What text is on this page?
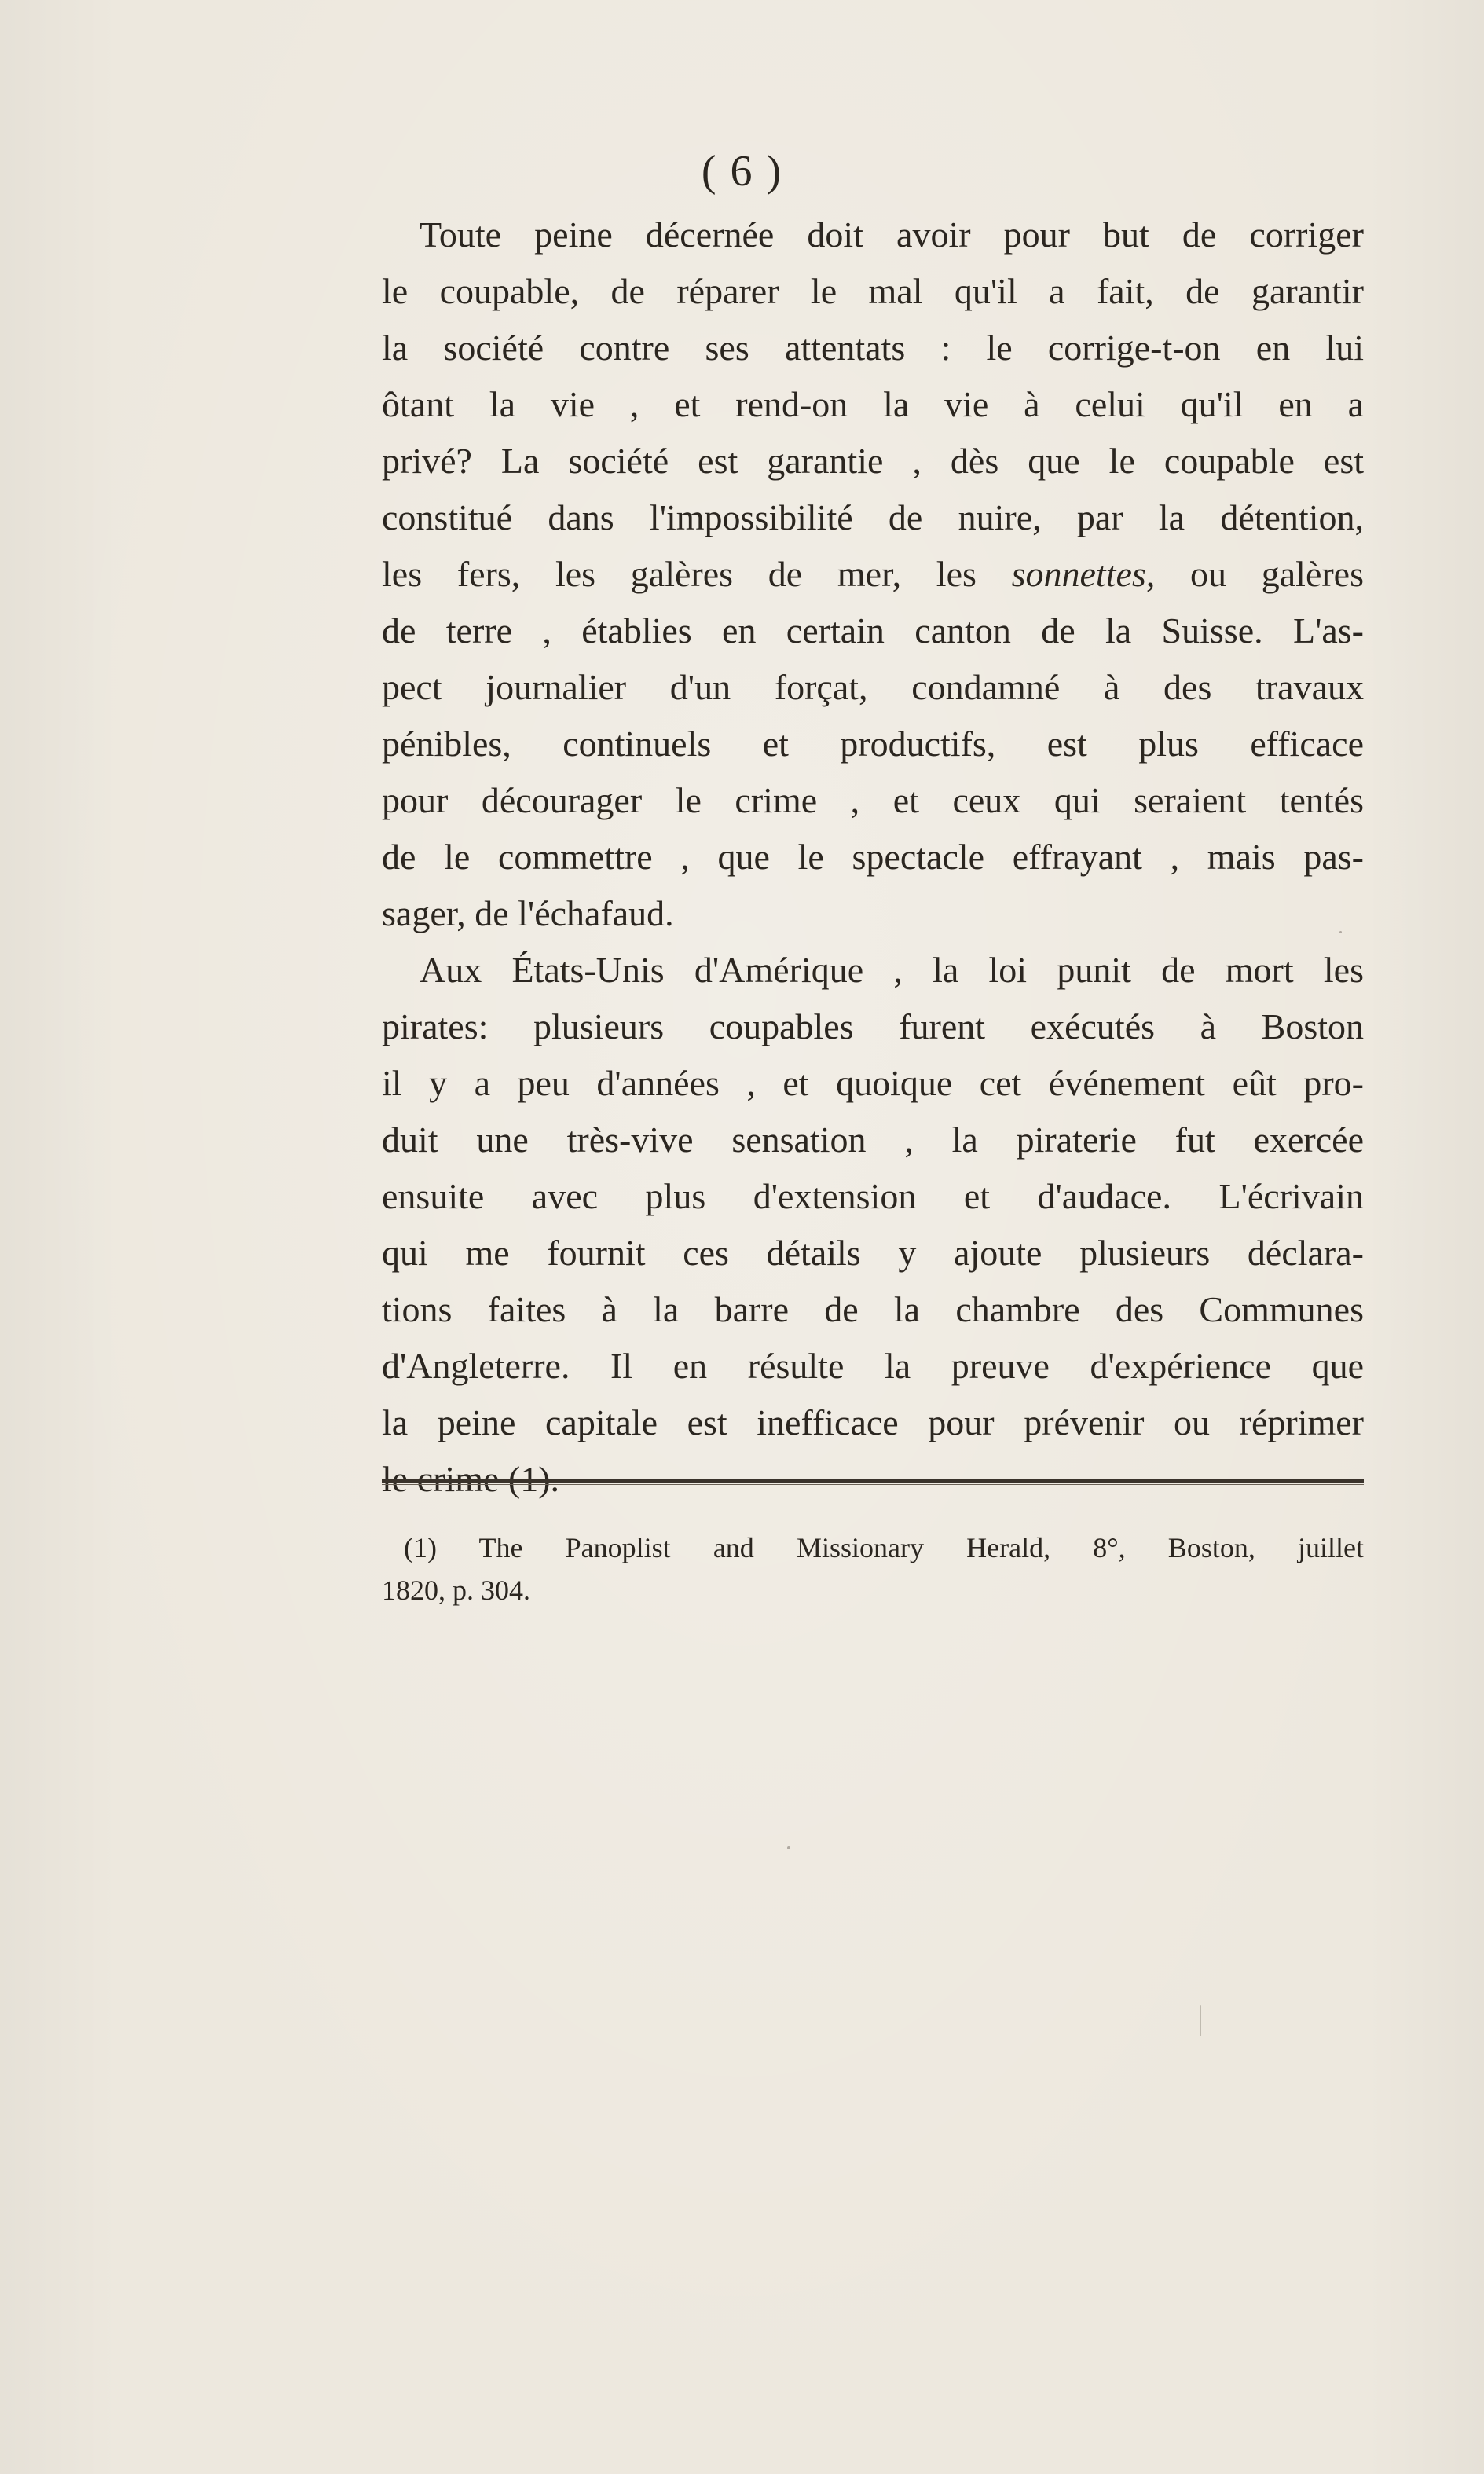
( 6 )
Toute peine décernée doit avoir pour but de corriger
le coupable, de réparer le mal qu'il a fait, de garantir
la société contre ses attentats : le corrige-t-on en lui
ôtant la vie , et rend-on la vie à celui qu'il en a
privé? La société est garantie , dès que le coupable est
constitué dans l'impossibilité de nuire, par la détention,
les fers, les galères de mer, les sonnettes, ou galères
de terre , établies en certain canton de la Suisse. L'as-
pect journalier d'un forçat, condamné à des travaux
pénibles, continuels et productifs, est plus efficace
pour décourager le crime , et ceux qui seraient tentés
de le commettre , que le spectacle effrayant , mais pas-
sager, de l'échafaud.
Aux États-Unis d'Amérique , la loi punit de mort les
pirates: plusieurs coupables furent exécutés à Boston
il y a peu d'années , et quoique cet événement eût pro-
duit une très-vive sensation , la piraterie fut exercée
ensuite avec plus d'extension et d'audace. L'écrivain
qui me fournit ces détails y ajoute plusieurs déclara-
tions faites à la barre de la chambre des Communes
d'Angleterre. Il en résulte la preuve d'expérience que
la peine capitale est inefficace pour prévenir ou réprimer
(1) The Panoplist and Missionary Herald, 8°, Boston, juillet
1820, p. 304.
